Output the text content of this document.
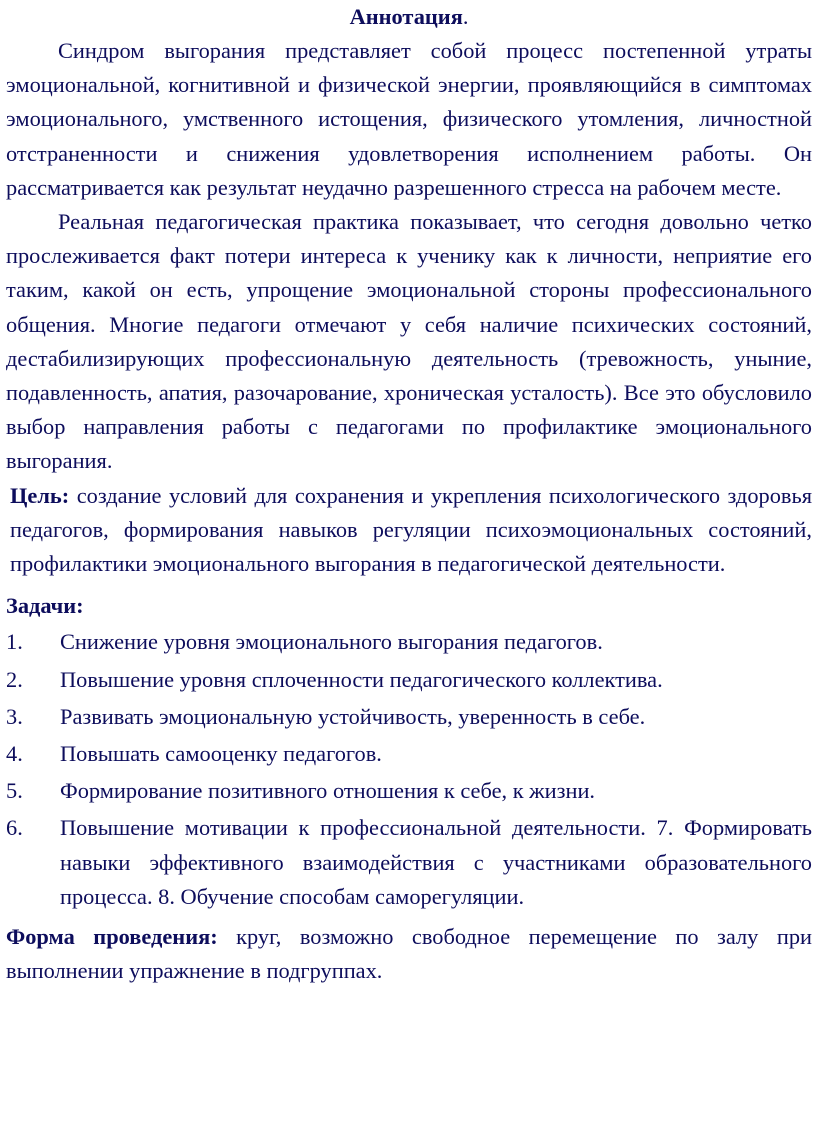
Аннотация.

Синдром выгорания представляет собой процесс постепенной утраты эмоциональной, когнитивной и физической энергии, проявляющийся в симптомах эмоционального, умственного истощения, физического утомления, личностной отстраненности и снижения удовлетворения исполнением работы. Он рассматривается как результат неудачно разрешенного стресса на рабочем месте.

Реальная педагогическая практика показывает, что сегодня довольно четко прослеживается факт потери интереса к ученику как к личности, неприятие его таким, какой он есть, упрощение эмоциональной стороны профессионального общения. Многие педагоги отмечают у себя наличие психических состояний, дестабилизирующих профессиональную деятельность (тревожность, уныние, подавленность, апатия, разочарование, хроническая усталость). Все это обусловило выбор направления работы с педагогами по профилактике эмоционального выгорания.

Цель: создание условий для сохранения и укрепления психологического здоровья педагогов, формирования навыков регуляции психоэмоциональных состояний, профилактики эмоционального выгорания в педагогической деятельности.

Задачи:
1. Снижение уровня эмоционального выгорания педагогов.
2. Повышение уровня сплоченности педагогического коллектива.
3. Развивать эмоциональную устойчивость, уверенность в себе.
4. Повышать самооценку педагогов.
5. Формирование позитивного отношения к себе, к жизни.
6. Повышение мотивации к профессиональной деятельности. 7. Формировать навыки эффективного взаимодействия с участниками образовательного процесса. 8. Обучение способам саморегуляции.

Форма проведения: круг, возможно свободное перемещение по залу при выполнении упражнение в подгруппах.
